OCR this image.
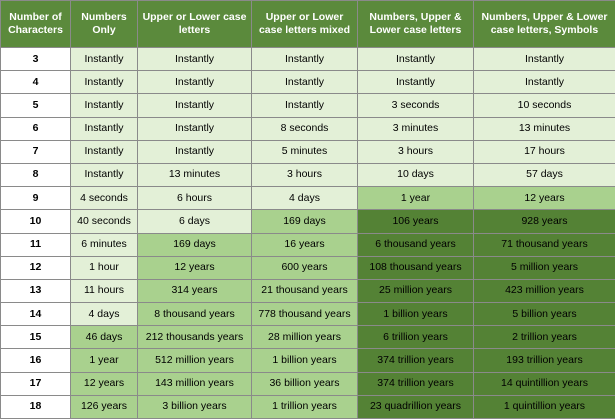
Number of Characters	Numbers Only	Upper or Lower case letters	Upper or Lower case letters mixed	Numbers, Upper & Lower case letters	Numbers, Upper & Lower case letters, Symbols
3	Instantly	Instantly	Instantly	Instantly	Instantly
4	Instantly	Instantly	Instantly	Instantly	Instantly
5	Instantly	Instantly	Instantly	3 seconds	10 seconds
6	Instantly	Instantly	8 seconds	3 minutes	13 minutes
7	Instantly	Instantly	5 minutes	3 hours	17 hours
8	Instantly	13 minutes	3 hours	10 days	57 days
9	4 seconds	6 hours	4 days	1 year	12 years
10	40 seconds	6 days	169 days	106 years	928 years
11	6 minutes	169 days	16 years	6 thousand years	71 thousand years
12	1 hour	12 years	600 years	108 thousand years	5 million years
13	11 hours	314 years	21 thousand years	25 million years	423 million years
14	4 days	8 thousand years	778 thousand years	1 billion years	5 billion years
15	46 days	212 thousands years	28 million years	6 trillion years	2 trillion years
16	1 year	512 million years	1 billion years	374 trillion years	193 trillion years
17	12 years	143 million years	36 billion years	374 trillion years	14 quintillion years
18	126 years	3 billion years	1 trillion years	23 quadrillion years	1 quintillion years
